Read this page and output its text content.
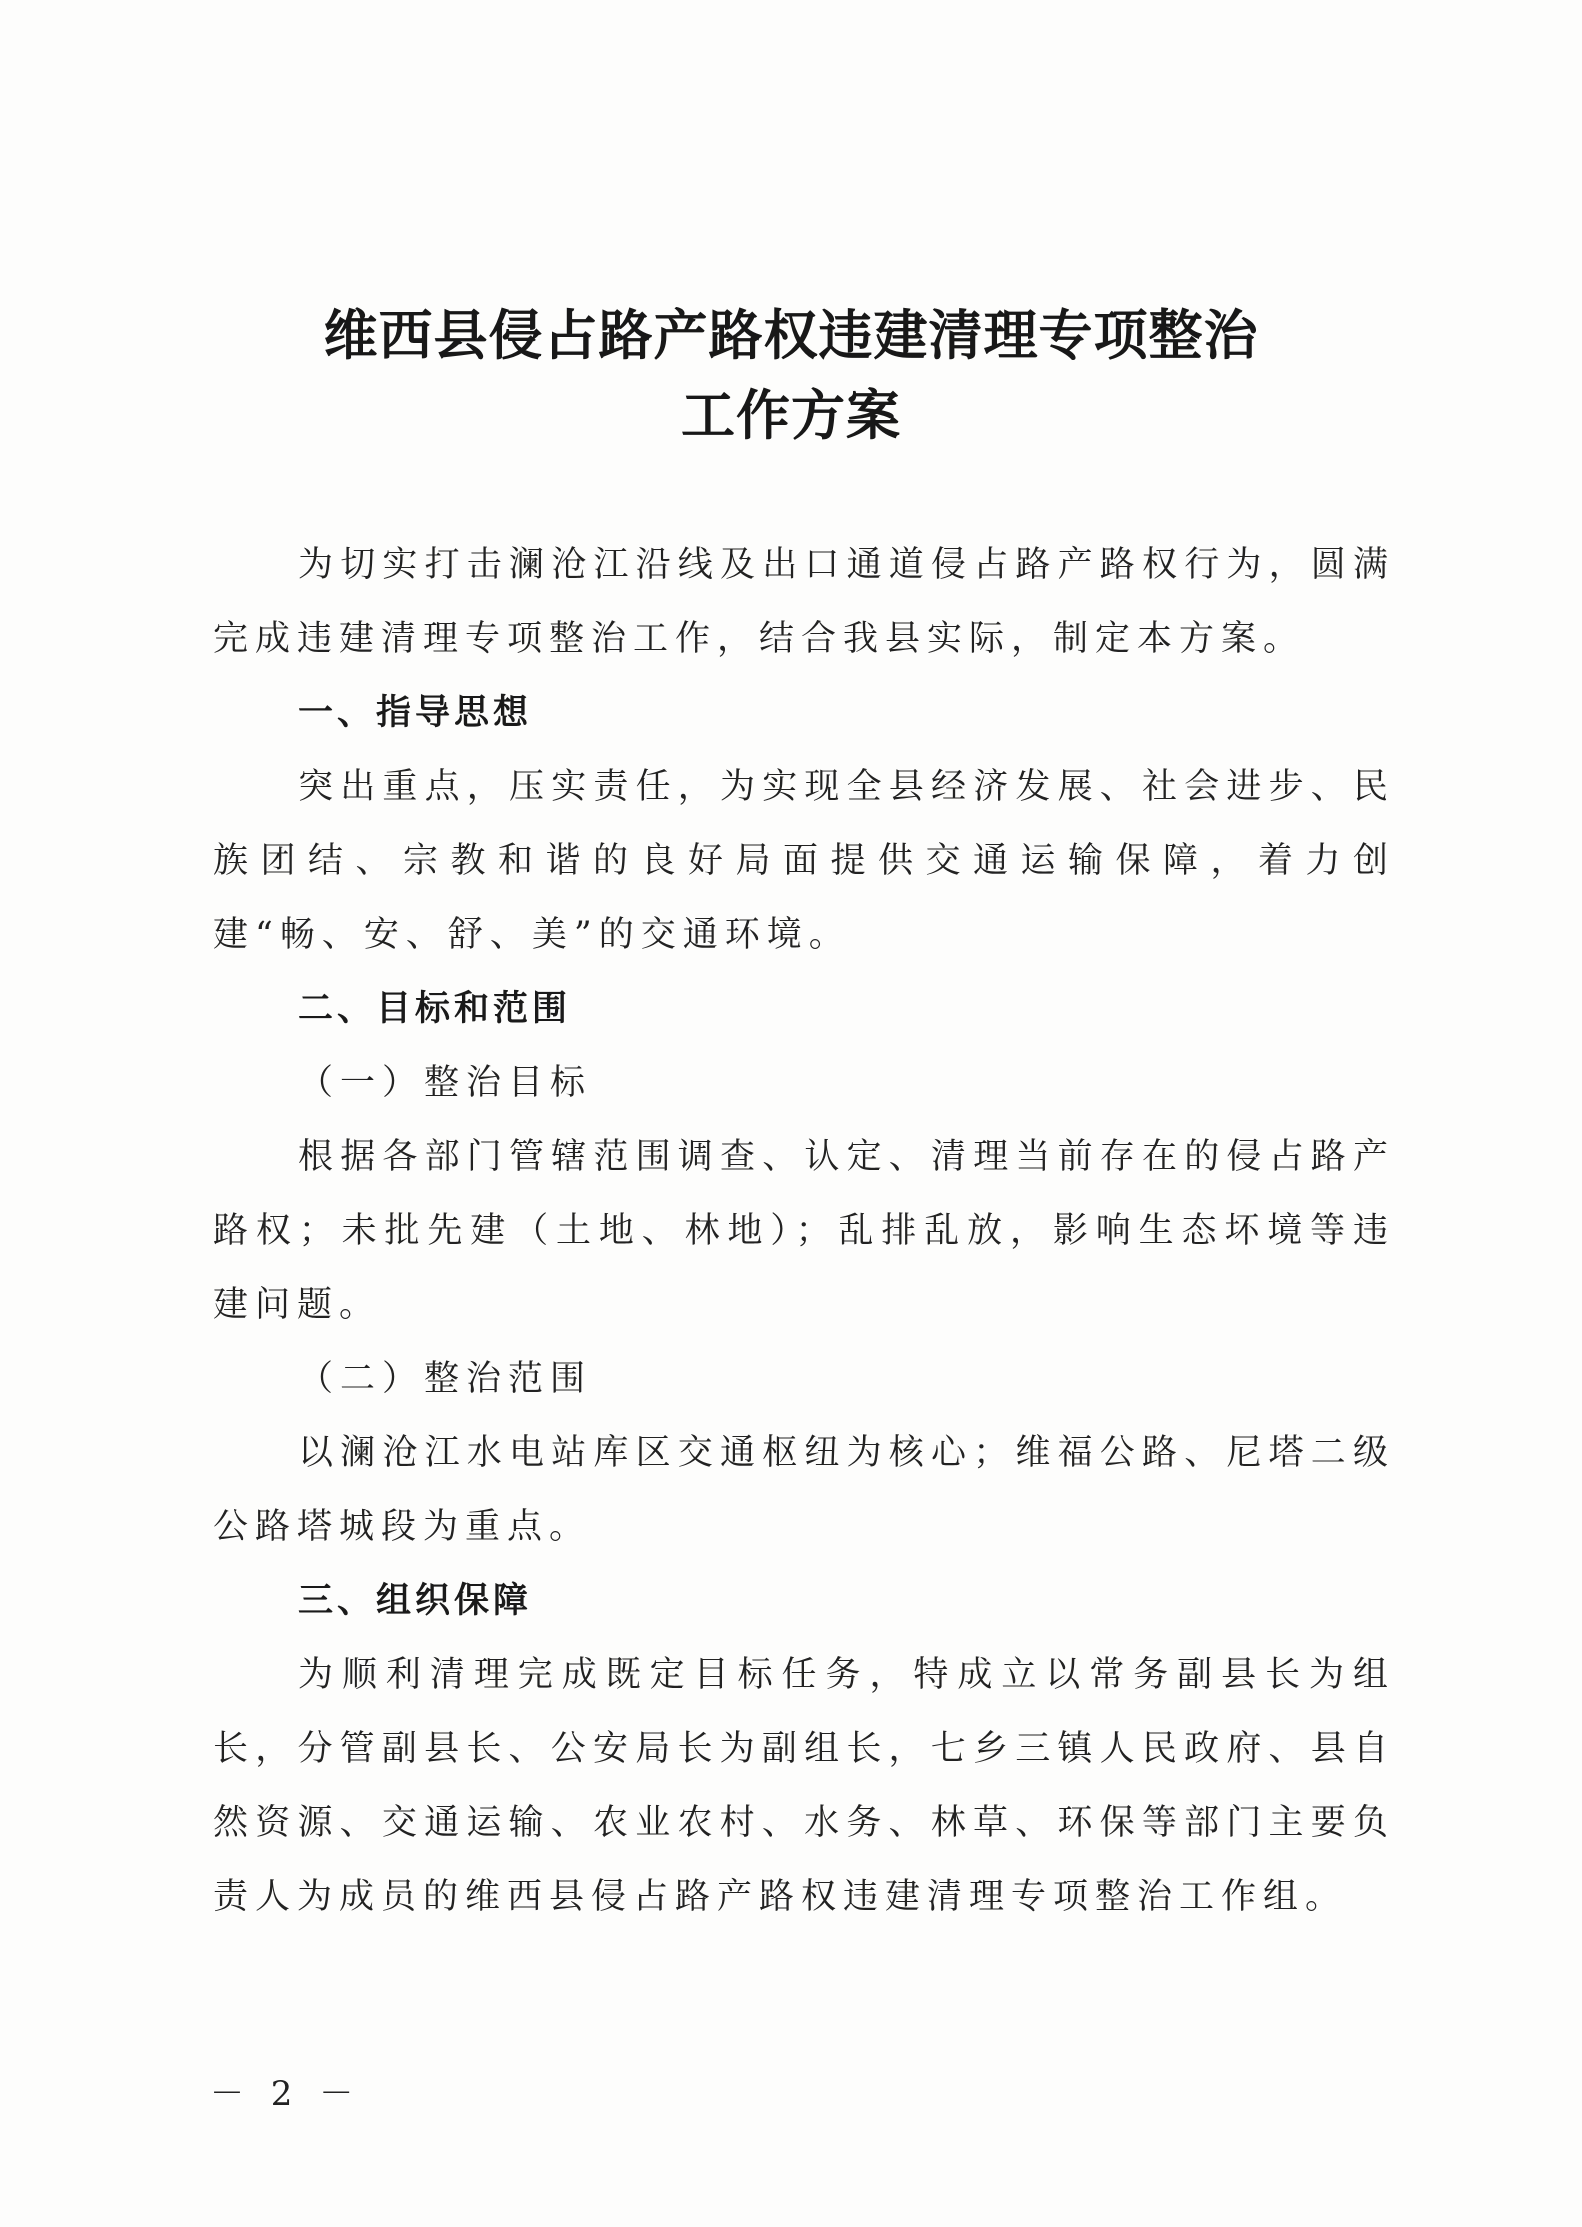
维西县侵占路产路权违建清理专项整治
工作方案

为切实打击澜沧江沿线及出口通道侵占路产路权行为，圆满完成违建清理专项整治工作，结合我县实际，制定本方案。

一、指导思想

突出重点，压实责任，为实现全县经济发展、社会进步、民族团结、宗教和谐的良好局面提供交通运输保障，着力创建“畅、安、舒、美”的交通环境。

二、目标和范围

（一）整治目标

根据各部门管辖范围调查、认定、清理当前存在的侵占路产路权；未批先建（土地、林地）；乱排乱放，影响生态坏境等违建问题。

（二）整治范围

以澜沧江水电站库区交通枢纽为核心；维福公路、尼塔二级公路塔城段为重点。

三、组织保障

为顺利清理完成既定目标任务，特成立以常务副县长为组长，分管副县长、公安局长为副组长，七乡三镇人民政府、县自然资源、交通运输、农业农村、水务、林草、环保等部门主要负责人为成员的维西县侵占路产路权违建清理专项整治工作组。

－ 2 －
